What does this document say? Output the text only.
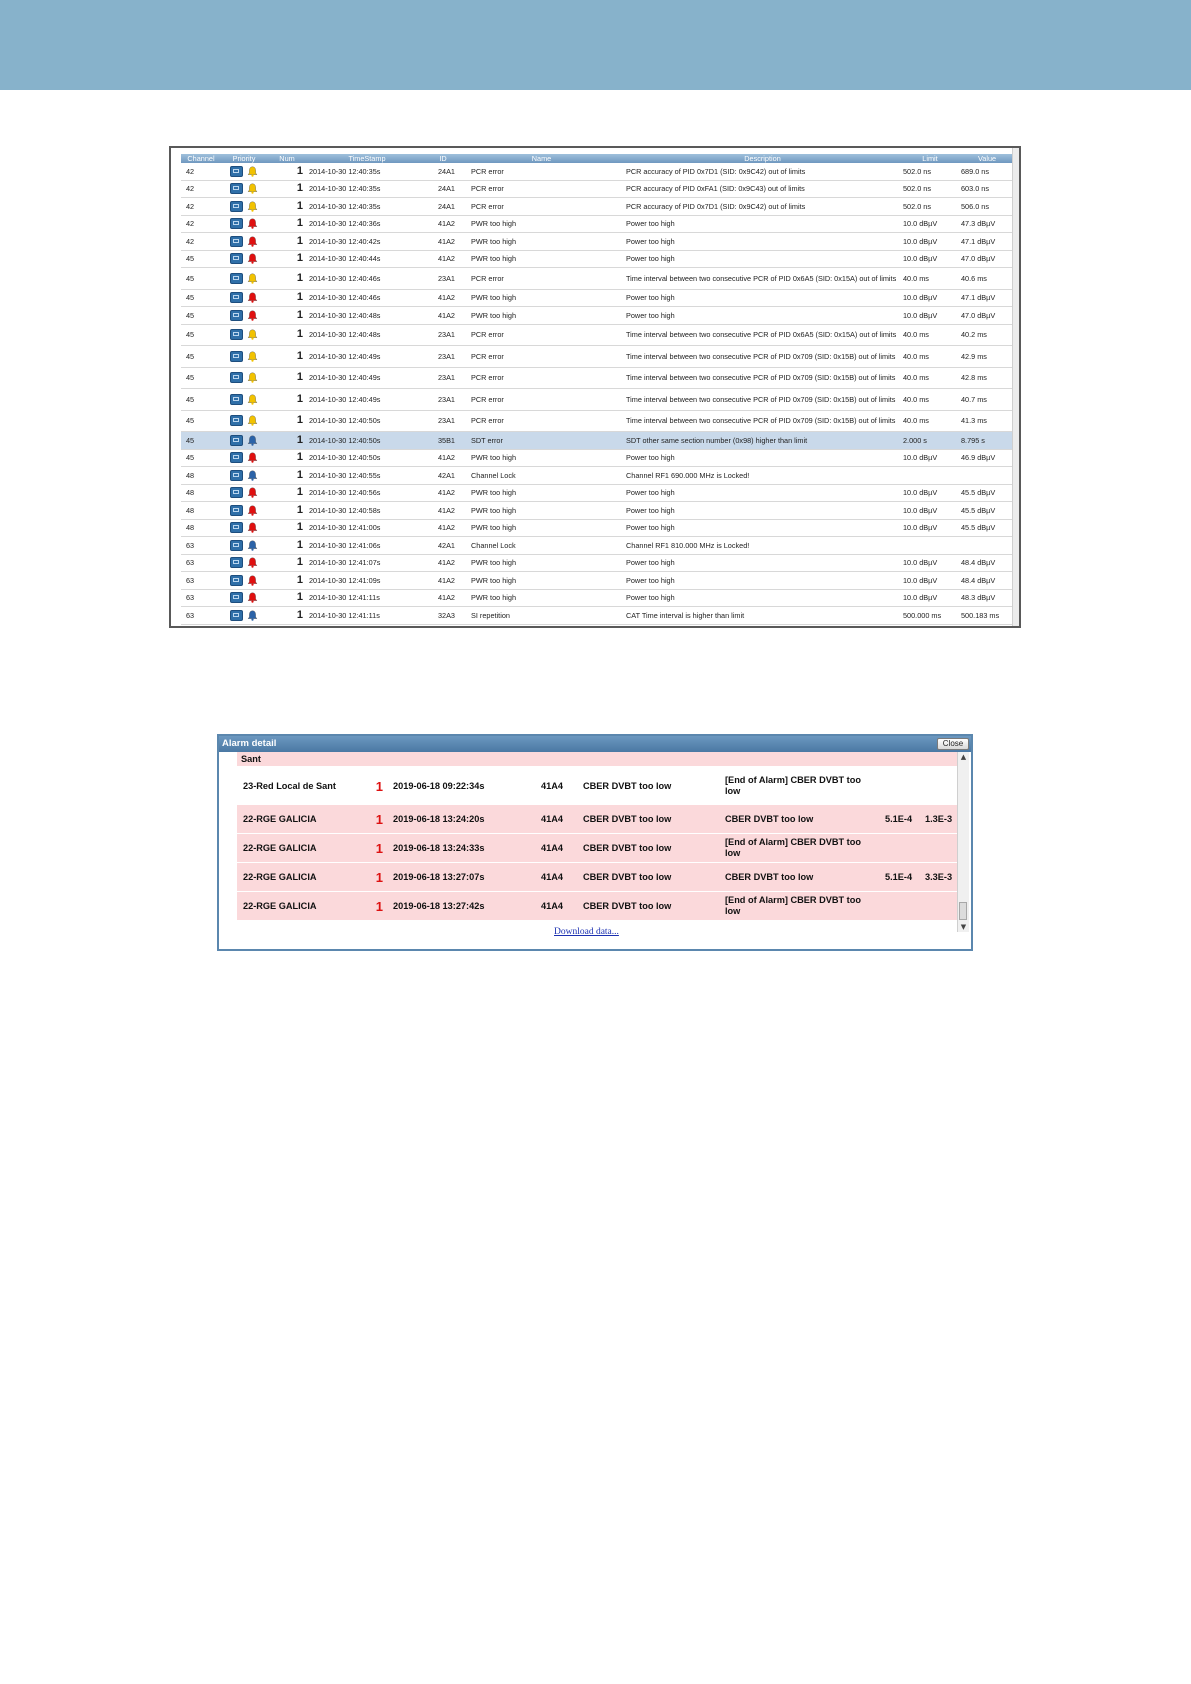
Channel	Priority	Num	TimeStamp	ID	Name	Description	Limit	Value
42		1	2014-10-30 12:40:35s	24A1	PCR error	PCR accuracy of PID 0x7D1 (SID: 0x9C42) out of limits	502.0 ns	689.0 ns
42		1	2014-10-30 12:40:35s	24A1	PCR error	PCR accuracy of PID 0xFA1 (SID: 0x9C43) out of limits	502.0 ns	603.0 ns
42		1	2014-10-30 12:40:35s	24A1	PCR error	PCR accuracy of PID 0x7D1 (SID: 0x9C42) out of limits	502.0 ns	506.0 ns
42		1	2014-10-30 12:40:36s	41A2	PWR too high	Power too high	10.0 dBµV	47.3 dBµV
42		1	2014-10-30 12:40:42s	41A2	PWR too high	Power too high	10.0 dBµV	47.1 dBµV
45		1	2014-10-30 12:40:44s	41A2	PWR too high	Power too high	10.0 dBµV	47.0 dBµV
45		1	2014-10-30 12:40:46s	23A1	PCR error	Time interval between two consecutive PCR of PID 0x6A5 (SID: 0x15A) out of limits	40.0 ms	40.6 ms
45		1	2014-10-30 12:40:46s	41A2	PWR too high	Power too high	10.0 dBµV	47.1 dBµV
45		1	2014-10-30 12:40:48s	41A2	PWR too high	Power too high	10.0 dBµV	47.0 dBµV
45		1	2014-10-30 12:40:48s	23A1	PCR error	Time interval between two consecutive PCR of PID 0x6A5 (SID: 0x15A) out of limits	40.0 ms	40.2 ms
45		1	2014-10-30 12:40:49s	23A1	PCR error	Time interval between two consecutive PCR of PID 0x709 (SID: 0x15B) out of limits	40.0 ms	42.9 ms
45		1	2014-10-30 12:40:49s	23A1	PCR error	Time interval between two consecutive PCR of PID 0x709 (SID: 0x15B) out of limits	40.0 ms	42.8 ms
45		1	2014-10-30 12:40:49s	23A1	PCR error	Time interval between two consecutive PCR of PID 0x709 (SID: 0x15B) out of limits	40.0 ms	40.7 ms
45		1	2014-10-30 12:40:50s	23A1	PCR error	Time interval between two consecutive PCR of PID 0x709 (SID: 0x15B) out of limits	40.0 ms	41.3 ms
45		1	2014-10-30 12:40:50s	35B1	SDT error	SDT other same section number (0x98) higher than limit	2.000 s	8.795 s
45		1	2014-10-30 12:40:50s	41A2	PWR too high	Power too high	10.0 dBµV	46.9 dBµV
48		1	2014-10-30 12:40:55s	42A1	Channel Lock	Channel RF1 690.000 MHz is Locked!		
48		1	2014-10-30 12:40:56s	41A2	PWR too high	Power too high	10.0 dBµV	45.5 dBµV
48		1	2014-10-30 12:40:58s	41A2	PWR too high	Power too high	10.0 dBµV	45.5 dBµV
48		1	2014-10-30 12:41:00s	41A2	PWR too high	Power too high	10.0 dBµV	45.5 dBµV
63		1	2014-10-30 12:41:06s	42A1	Channel Lock	Channel RF1 810.000 MHz is Locked!		
63		1	2014-10-30 12:41:07s	41A2	PWR too high	Power too high	10.0 dBµV	48.4 dBµV
63		1	2014-10-30 12:41:09s	41A2	PWR too high	Power too high	10.0 dBµV	48.4 dBµV
63		1	2014-10-30 12:41:11s	41A2	PWR too high	Power too high	10.0 dBµV	48.3 dBµV
63		1	2014-10-30 12:41:11s	32A3	SI repetition	CAT Time interval is higher than limit	500.000 ms	500.183 ms
Alarm detail	Close
Sant							
23-Red Local de Sant	1	2019-06-18 09:22:34s	41A4	CBER DVBT too low	[End of Alarm] CBER DVBT too low		
22-RGE GALICIA	1	2019-06-18 13:24:20s	41A4	CBER DVBT too low	CBER DVBT too low	5.1E-4	1.3E-3
22-RGE GALICIA	1	2019-06-18 13:24:33s	41A4	CBER DVBT too low	[End of Alarm] CBER DVBT too low		
22-RGE GALICIA	1	2019-06-18 13:27:07s	41A4	CBER DVBT too low	CBER DVBT too low	5.1E-4	3.3E-3
22-RGE GALICIA	1	2019-06-18 13:27:42s	41A4	CBER DVBT too low	[End of Alarm] CBER DVBT too low		
▲
▼
Download data...
